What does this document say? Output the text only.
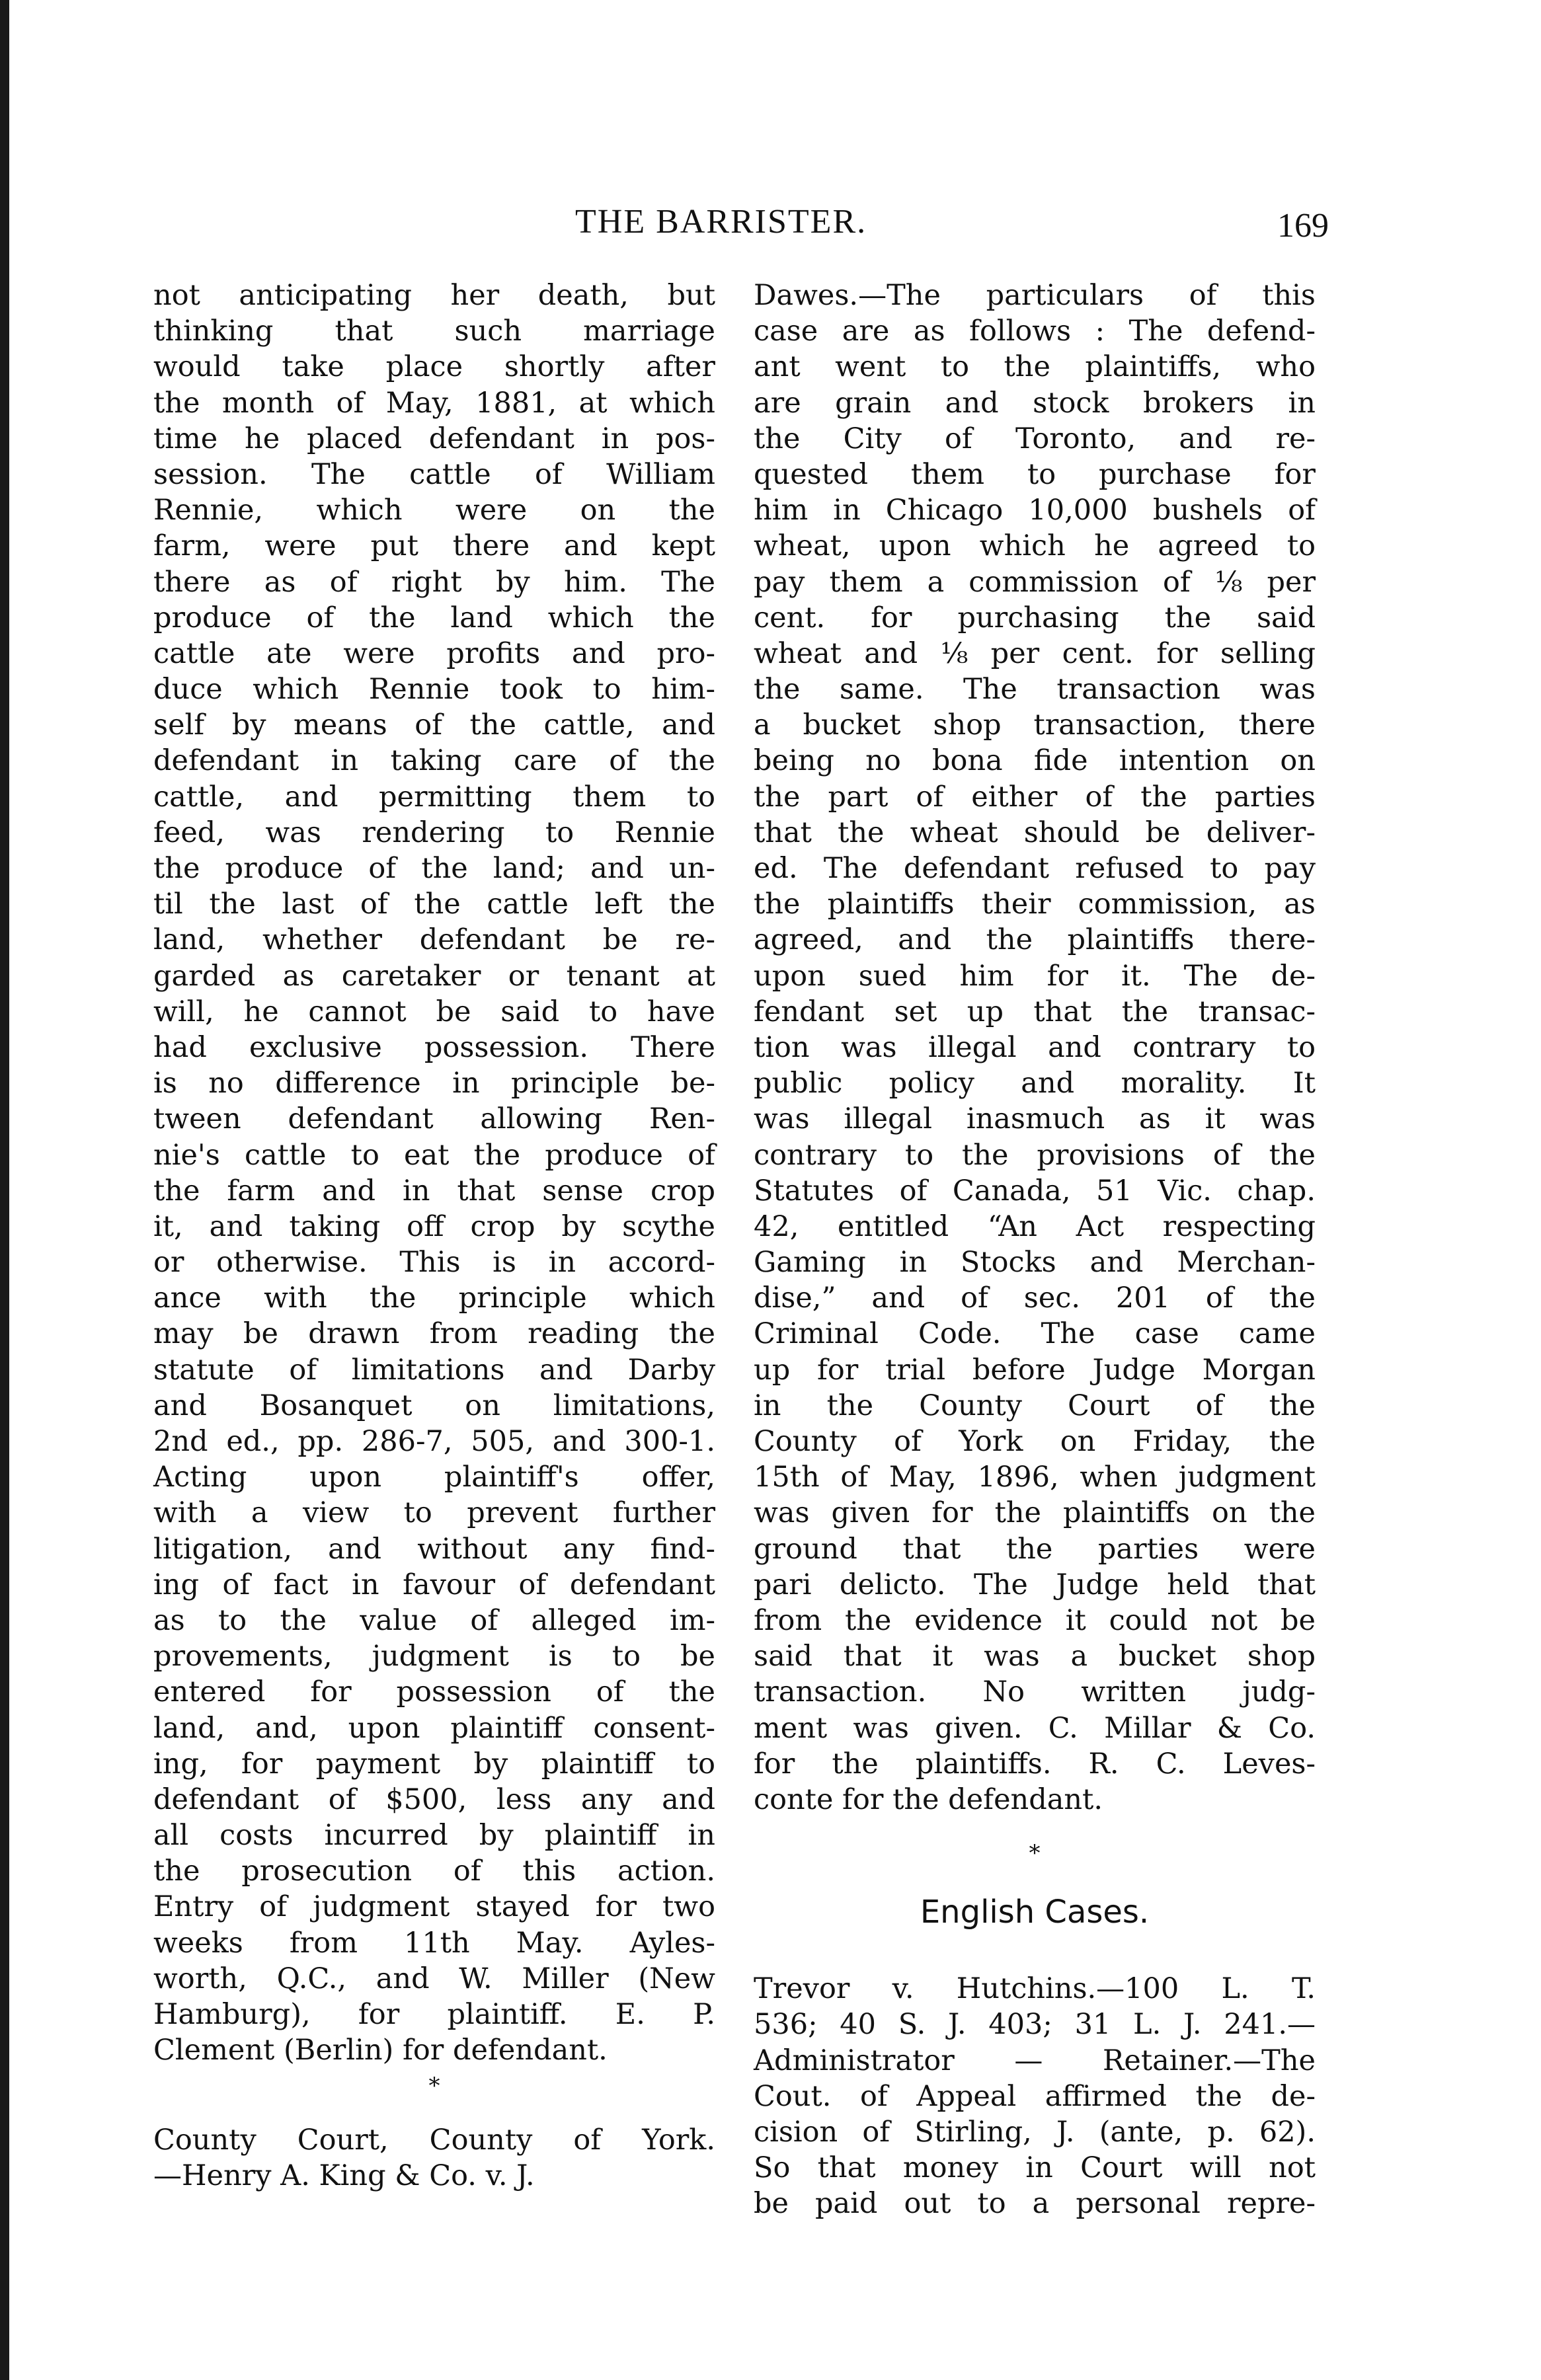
THE BARRISTER.	169
not anticipating her death, but
thinking that such marriage
would take place shortly after
the month of May, 1881, at which
time he placed defendant in pos-
session. The cattle of William
Rennie, which were on the
farm, were put there and kept
there as of right by him. The
produce of the land which the
cattle ate were profits and pro-
duce which Rennie took to him-
self by means of the cattle, and
defendant in taking care of the
cattle, and permitting them to
feed, was rendering to Rennie
the produce of the land; and un-
til the last of the cattle left the
land, whether defendant be re-
garded as caretaker or tenant at
will, he cannot be said to have
had exclusive possession. There
is no difference in principle be-
tween defendant allowing Ren-
nie's cattle to eat the produce of
the farm and in that sense crop
it, and taking off crop by scythe
or otherwise. This is in accord-
ance with the principle which
may be drawn from reading the
statute of limitations and Darby
and Bosanquet on limitations,
2nd ed., pp. 286-7, 505, and 300-1.
Acting upon plaintiff's offer,
with a view to prevent further
litigation, and without any find-
ing of fact in favour of defendant
as to the value of alleged im-
provements, judgment is to be
entered for possession of the
land, and, upon plaintiff consent-
ing, for payment by plaintiff to
defendant of $500, less any and
all costs incurred by plaintiff in
the prosecution of this action.
Entry of judgment stayed for two
weeks from 11th May. Ayles-
worth, Q.C., and W. Miller (New
Hamburg), for plaintiff. E. P.
Clement (Berlin) for defendant.
*
County Court, County of York.
—Henry A. King & Co. v. J.
Dawes.—The particulars of this
case are as follows : The defend-
ant went to the plaintiffs, who
are grain and stock brokers in
the City of Toronto, and re-
quested them to purchase for
him in Chicago 10,000 bushels of
wheat, upon which he agreed to
pay them a commission of ⅛ per
cent. for purchasing the said
wheat and ⅛ per cent. for selling
the same. The transaction was
a bucket shop transaction, there
being no bona fide intention on
the part of either of the parties
that the wheat should be deliver-
ed. The defendant refused to pay
the plaintiffs their commission, as
agreed, and the plaintiffs there-
upon sued him for it. The de-
fendant set up that the transac-
tion was illegal and contrary to
public policy and morality. It
was illegal inasmuch as it was
contrary to the provisions of the
Statutes of Canada, 51 Vic. chap.
42, entitled “An Act respecting
Gaming in Stocks and Merchan-
dise,” and of sec. 201 of the
Criminal Code. The case came
up for trial before Judge Morgan
in the County Court of the
County of York on Friday, the
15th of May, 1896, when judgment
was given for the plaintiffs on the
ground that the parties were
pari delicto. The Judge held that
from the evidence it could not be
said that it was a bucket shop
transaction. No written judg-
ment was given. C. Millar & Co.
for the plaintiffs. R. C. Leves-
conte for the defendant.
*
English Cases.
Trevor v. Hutchins.—100 L. T.
536; 40 S. J. 403; 31 L. J. 241.—
Administrator — Retainer.—The
Cout. of Appeal affirmed the de-
cision of Stirling, J. (ante, p. 62).
So that money in Court will not
be paid out to a personal repre-
